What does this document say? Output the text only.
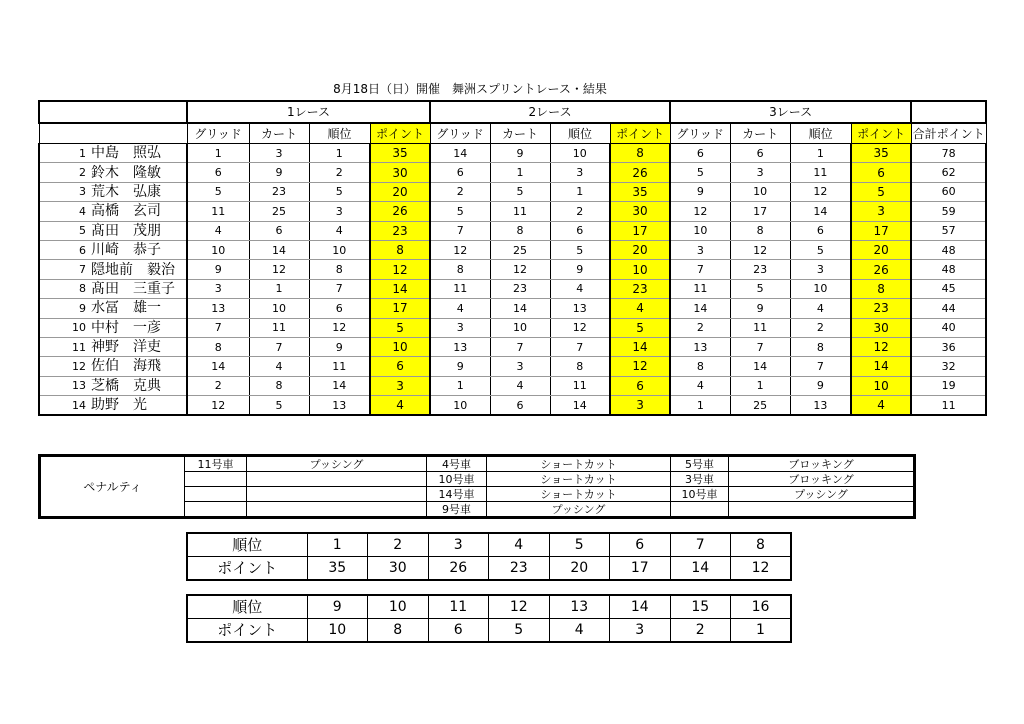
8月18日（日）開催　舞洲スプリントレース・結果
		1レース				2レース				3レース				
		グリッド	カート	順位	ポイント	グリッド	カート	順位	ポイント	グリッド	カート	順位	ポイント	合計ポイント
1	中島　照弘	1	3	1	35	14	9	10	8	6	6	1	35	78
2	鈴木　隆敏	6	9	2	30	6	1	3	26	5	3	11	6	62
3	荒木　弘康	5	23	5	20	2	5	1	35	9	10	12	5	60
4	高橋　玄司	11	25	3	26	5	11	2	30	12	17	14	3	59
5	髙田　茂朋	4	6	4	23	7	8	6	17	10	8	6	17	57
6	川崎　恭子	10	14	10	8	12	25	5	20	3	12	5	20	48
7	隠地前　毅治	9	12	8	12	8	12	9	10	7	23	3	26	48
8	髙田　三重子	3	1	7	14	11	23	4	23	11	5	10	8	45
9	水冨　雄一	13	10	6	17	4	14	13	4	14	9	4	23	44
10	中村　一彦	7	11	12	5	3	10	12	5	2	11	2	30	40
11	神野　洋吏	8	7	9	10	13	7	7	14	13	7	8	12	36
12	佐伯　海飛	14	4	11	6	9	3	8	12	8	14	7	14	32
13	芝橋　克典	2	8	14	3	1	4	11	6	4	1	9	10	19
14	助野　光	12	5	13	4	10	6	14	3	1	25	13	4	11
ペナルティ	11号車	プッシング	4号車	ショートカット	5号車	ブロッキング
			10号車	ショートカット	3号車	ブロッキング
			14号車	ショートカット	10号車	プッシング
			9号車	プッシング		
順位	1	2	3	4	5	6	7	8
ポイント	35	30	26	23	20	17	14	12
順位	9	10	11	12	13	14	15	16
ポイント	10	8	6	5	4	3	2	1
